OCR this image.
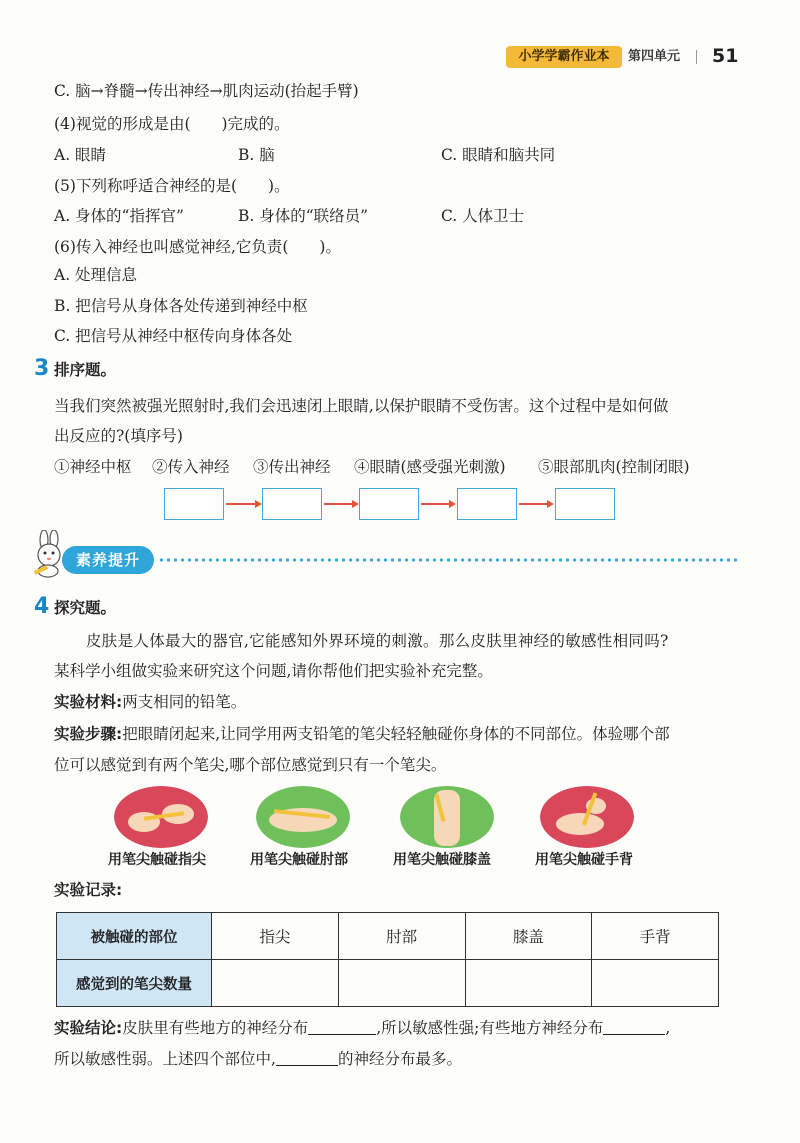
小学学霸作业本	第四单元 51
C. 脑→脊髓→传出神经→肌肉运动(抬起手臂)
(4)视觉的形成是由(　　)完成的。
A. 眼睛	B. 脑	C. 眼睛和脑共同
(5)下列称呼适合神经的是(　　)。
A. 身体的“指挥官”	B. 身体的“联络员”	C. 人体卫士
(6)传入神经也叫感觉神经,它负责(　　)。
A. 处理信息
B. 把信号从身体各处传递到神经中枢
C. 把信号从神经中枢传向身体各处
3 排序题。
当我们突然被强光照射时,我们会迅速闭上眼睛,以保护眼睛不受伤害。这个过程中是如何做
出反应的?(填序号)
①神经中枢 ②传入神经 ③传出神经 ④眼睛(感受强光刺激) ⑤眼部肌肉(控制闭眼)
素养提升
4 探究题。
皮肤是人体最大的器官,它能感知外界环境的刺激。那么皮肤里神经的敏感性相同吗?
某科学小组做实验来研究这个问题,请你帮他们把实验补充完整。
实验材料:两支相同的铅笔。
实验步骤:把眼睛闭起来,让同学用两支铅笔的笔尖轻轻触碰你身体的不同部位。体验哪个部
位可以感觉到有两个笔尖,哪个部位感觉到只有一个笔尖。
用笔尖触碰指尖	用笔尖触碰肘部	用笔尖触碰膝盖	用笔尖触碰手背
实验记录:
被触碰的部位	指尖	肘部	膝盖	手背
感觉到的笔尖数量				
实验结论:皮肤里有些地方的神经分布	,所以敏感性强;有些地方神经分布	,
所以敏感性弱。上述四个部位中,	的神经分布最多。
